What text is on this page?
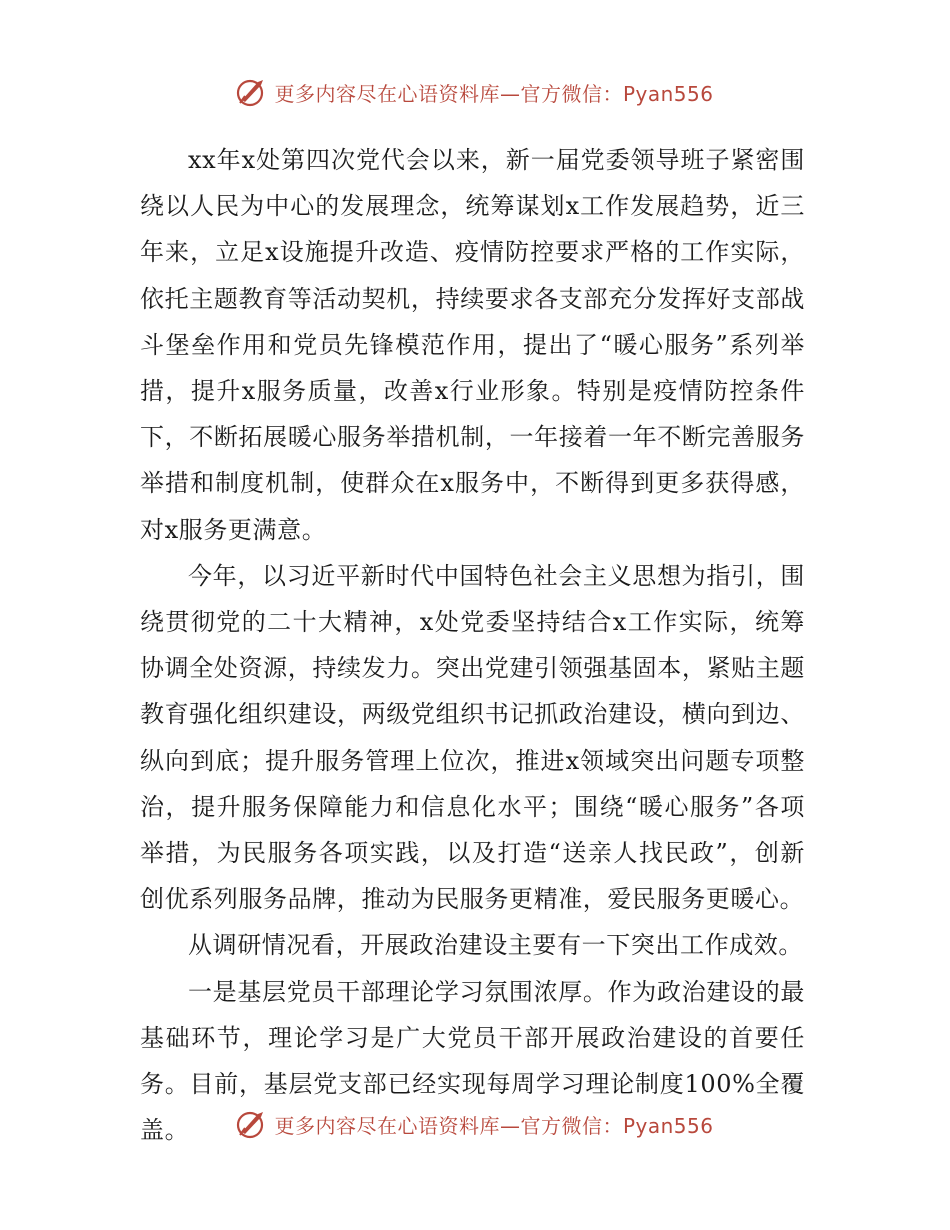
更多内容尽在心语资料库—官方微信：Pyan556

xx年x处第四次党代会以来，新一届党委领导班子紧密围绕以人民为中心的发展理念，统筹谋划x工作发展趋势，近三年来，立足x设施提升改造、疫情防控要求严格的工作实际，依托主题教育等活动契机，持续要求各支部充分发挥好支部战斗堡垒作用和党员先锋模范作用，提出了“暖心服务”系列举措，提升x服务质量，改善x行业形象。特别是疫情防控条件下，不断拓展暖心服务举措机制，一年接着一年不断完善服务举措和制度机制，使群众在x服务中，不断得到更多获得感，对x服务更满意。

今年，以习近平新时代中国特色社会主义思想为指引，围绕贯彻党的二十大精神，x处党委坚持结合x工作实际，统筹协调全处资源，持续发力。突出党建引领强基固本，紧贴主题教育强化组织建设，两级党组织书记抓政治建设，横向到边、纵向到底；提升服务管理上位次，推进x领域突出问题专项整治，提升服务保障能力和信息化水平；围绕“暖心服务”各项举措，为民服务各项实践，以及打造“送亲人找民政”，创新创优系列服务品牌，推动为民服务更精准，爱民服务更暖心。

从调研情况看，开展政治建设主要有一下突出工作成效。

一是基层党员干部理论学习氛围浓厚。作为政治建设的最基础环节，理论学习是广大党员干部开展政治建设的首要任务。目前，基层党支部已经实现每周学习理论制度100%全覆盖。	更多内容尽在心语资料库—官方微信：Pyan556
